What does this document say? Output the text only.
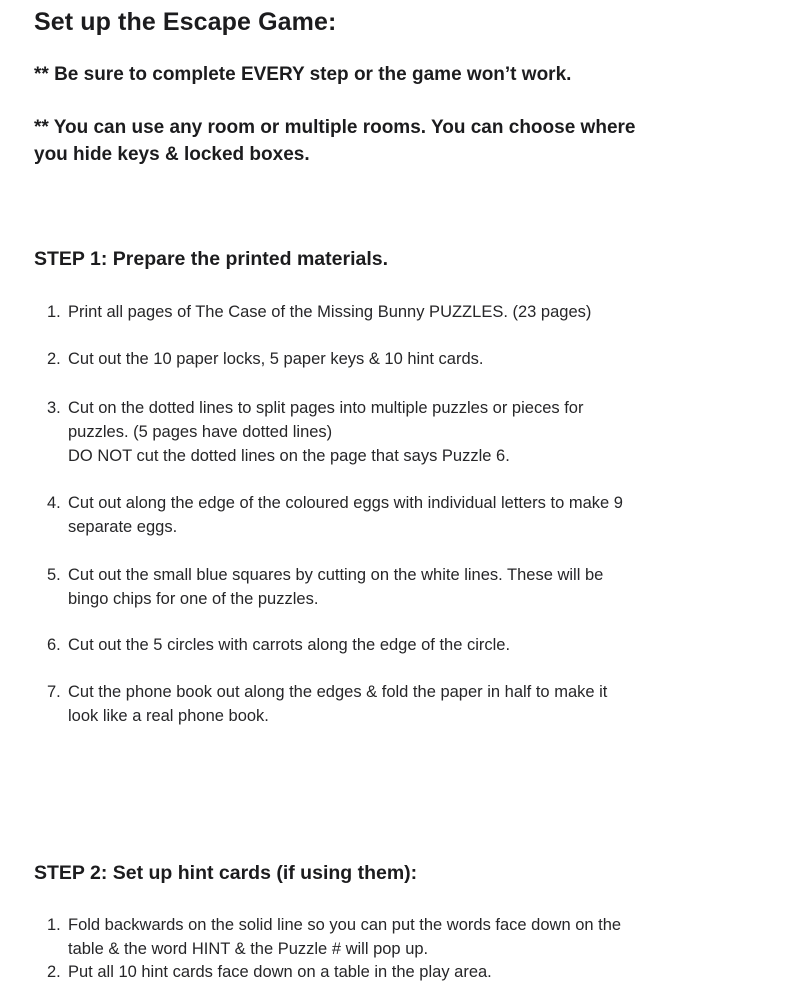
Set up the Escape Game:
** Be sure to complete EVERY step or the game won’t work.
** You can use any room or multiple rooms. You can choose where
you hide keys & locked boxes.
STEP 1: Prepare the printed materials.
1. Print all pages of The Case of the Missing Bunny PUZZLES. (23 pages)
2. Cut out the 10 paper locks, 5 paper keys & 10 hint cards.
3. Cut on the dotted lines to split pages into multiple puzzles or pieces for
puzzles. (5 pages have dotted lines)
DO NOT cut the dotted lines on the page that says Puzzle 6.
4. Cut out along the edge of the coloured eggs with individual letters to make 9
separate eggs.
5. Cut out the small blue squares by cutting on the white lines. These will be
bingo chips for one of the puzzles.
6. Cut out the 5 circles with carrots along the edge of the circle.
7. Cut the phone book out along the edges & fold the paper in half to make it
look like a real phone book.
STEP 2: Set up hint cards (if using them):
1. Fold backwards on the solid line so you can put the words face down on the
table & the word HINT & the Puzzle # will pop up.
2. Put all 10 hint cards face down on a table in the play area.
